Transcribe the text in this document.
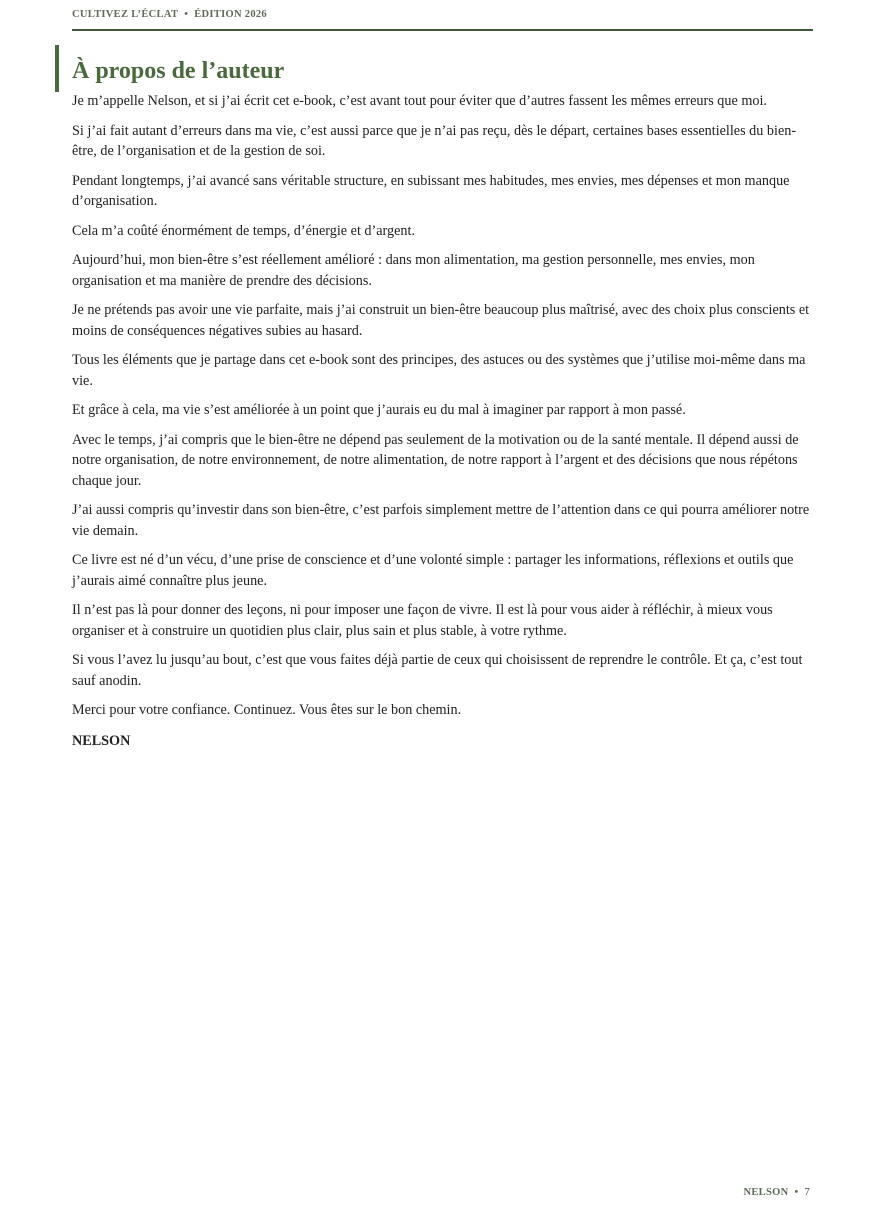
CULTIVEZ L’ÉCLAT • ÉDITION 2026
À propos de l’auteur

Je m’appelle Nelson, et si j’ai écrit cet e-book, c’est avant tout pour éviter que d’autres fassent les mêmes erreurs que moi.

Si j’ai fait autant d’erreurs dans ma vie, c’est aussi parce que je n’ai pas reçu, dès le départ, certaines bases essentielles du bien-être, de l’organisation et de la gestion de soi.

Pendant longtemps, j’ai avancé sans véritable structure, en subissant mes habitudes, mes envies, mes dépenses et mon manque d’organisation.

Cela m’a coûté énormément de temps, d’énergie et d’argent.

Aujourd’hui, mon bien-être s’est réellement amélioré : dans mon alimentation, ma gestion personnelle, mes envies, mon organisation et ma manière de prendre des décisions.

Je ne prétends pas avoir une vie parfaite, mais j’ai construit un bien-être beaucoup plus maîtrisé, avec des choix plus conscients et moins de conséquences négatives subies au hasard.

Tous les éléments que je partage dans cet e-book sont des principes, des astuces ou des systèmes que j’utilise moi-même dans ma vie.

Et grâce à cela, ma vie s’est améliorée à un point que j’aurais eu du mal à imaginer par rapport à mon passé.

Avec le temps, j’ai compris que le bien-être ne dépend pas seulement de la motivation ou de la santé mentale. Il dépend aussi de notre organisation, de notre environnement, de notre alimentation, de notre rapport à l’argent et des décisions que nous répétons chaque jour.

J’ai aussi compris qu’investir dans son bien-être, c’est parfois simplement mettre de l’attention dans ce qui pourra améliorer notre vie demain.

Ce livre est né d’un vécu, d’une prise de conscience et d’une volonté simple : partager les informations, réflexions et outils que j’aurais aimé connaître plus jeune.

Il n’est pas là pour donner des leçons, ni pour imposer une façon de vivre. Il est là pour vous aider à réfléchir, à mieux vous organiser et à construire un quotidien plus clair, plus sain et plus stable, à votre rythme.

Si vous l’avez lu jusqu’au bout, c’est que vous faites déjà partie de ceux qui choisissent de reprendre le contrôle. Et ça, c’est tout sauf anodin.

Merci pour votre confiance. Continuez. Vous êtes sur le bon chemin.

NELSON

NELSON • 7
